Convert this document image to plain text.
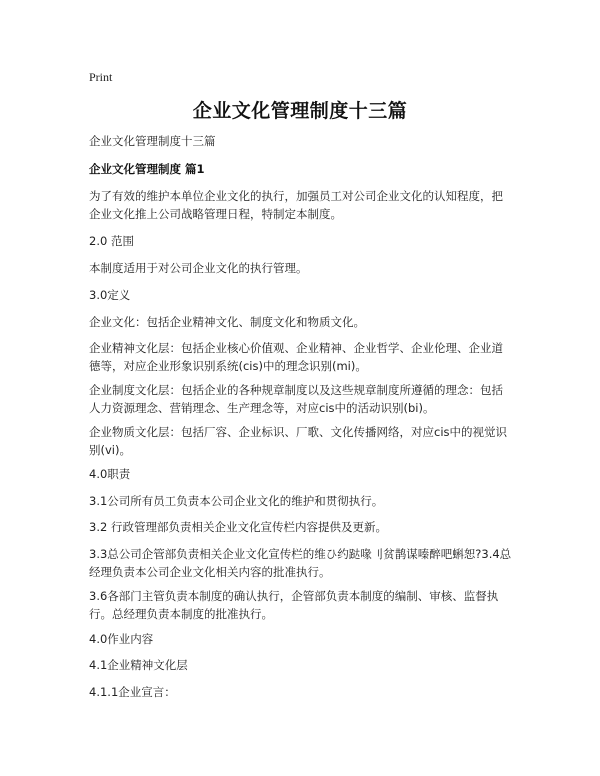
Print
企业文化管理制度十三篇

企业文化管理制度十三篇

企业文化管理制度 篇1

为了有效的维护本单位企业文化的执行，加强员工对公司企业文化的认知程度，把企业文化推上公司战略管理日程，特制定本制度。

2.0 范围

本制度适用于对公司企业文化的执行管理。

3.0定义

企业文化：包括企业精神文化、制度文化和物质文化。

企业精神文化层：包括企业核心价值观、企业精神、企业哲学、企业伦理、企业道德等，对应企业形象识别系统(cis)中的理念识别(mi)。

企业制度文化层：包括企业的各种规章制度以及这些规章制度所遵循的理念：包括人力资源理念、营销理念、生产理念等，对应cis中的活动识别(bi)。

企业物质文化层：包括厂容、企业标识、厂歌、文化传播网络，对应cis中的视觉识别(vi)。

4.0职责

3.1公司所有员工负责本公司企业文化的维护和贯彻执行。

3.2 行政管理部负责相关企业文化宣传栏内容提供及更新。

3.3总公司企管部负责相关企业文化宣传栏的维ひ约跶喙刂贫鹊谋嗪醉吧蝌恕?3.4总经理负责本公司企业文化相关内容的批准执行。

3.6各部门主管负责本制度的确认执行，企管部负责本制度的编制、审核、监督执行。总经理负责本制度的批准执行。

4.0作业内容

4.1企业精神文化层

4.1.1企业宣言：
